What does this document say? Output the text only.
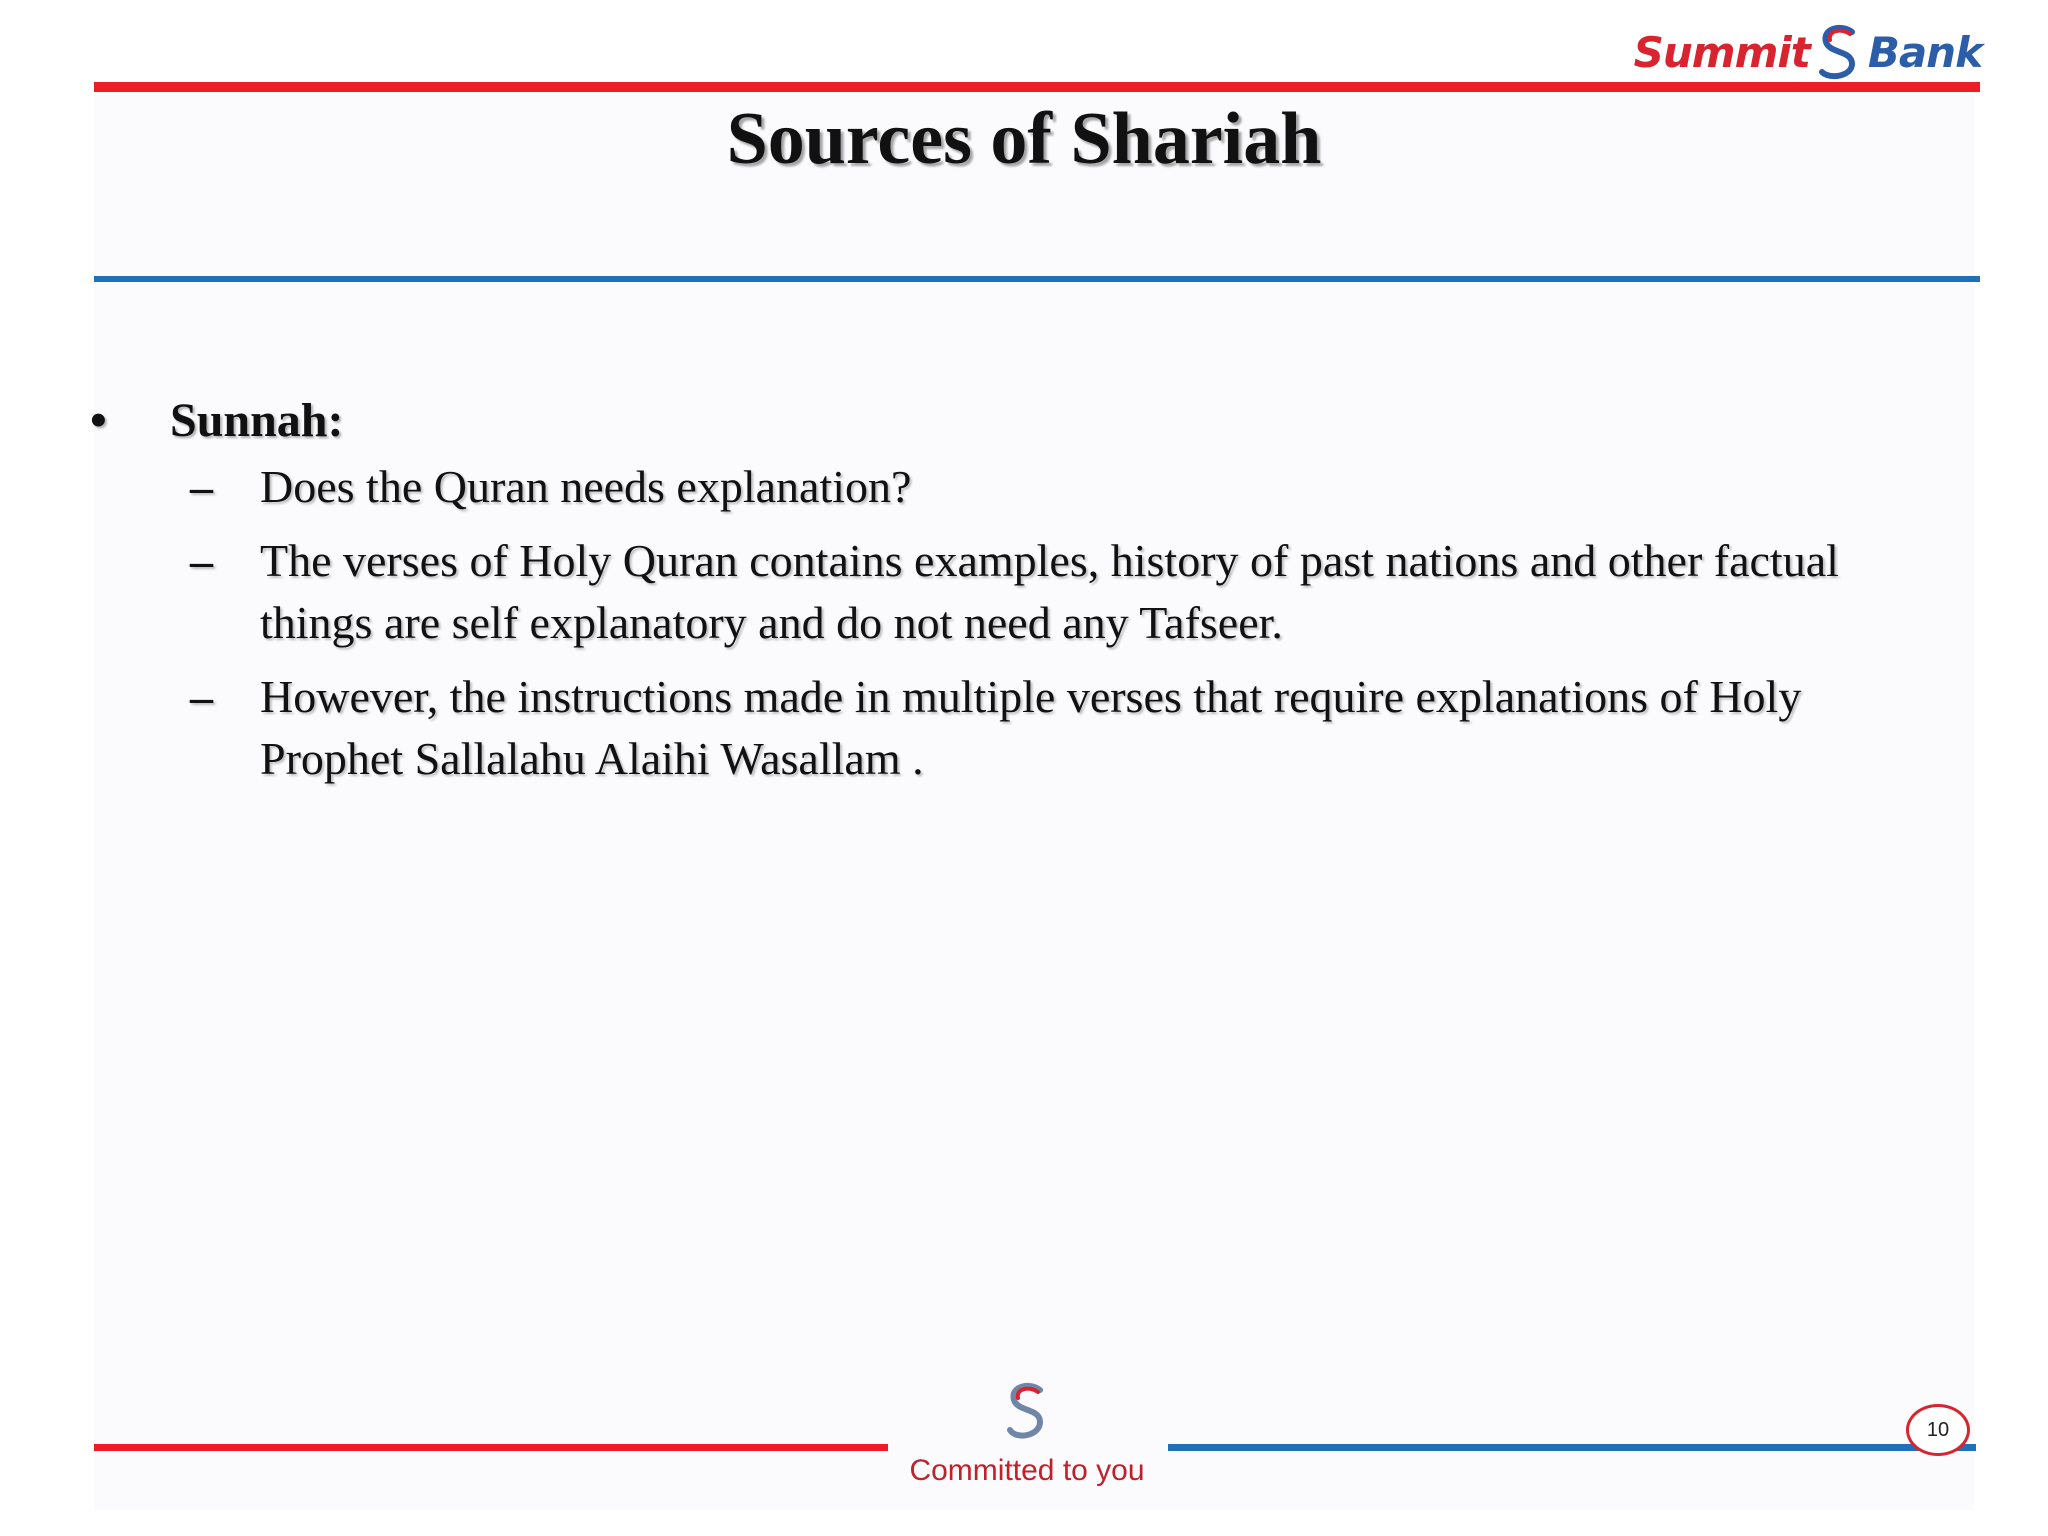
Summit Bank
Sources of Shariah
•	Sunnah:
–	Does the Quran needs explanation?
–	The verses of Holy Quran contains examples, history of past nations and other factual things are self explanatory and do not need any Tafseer.
–	However, the instructions made in multiple verses that require explanations of Holy Prophet Sallalahu Alaihi Wasallam .
Committed to you
10
